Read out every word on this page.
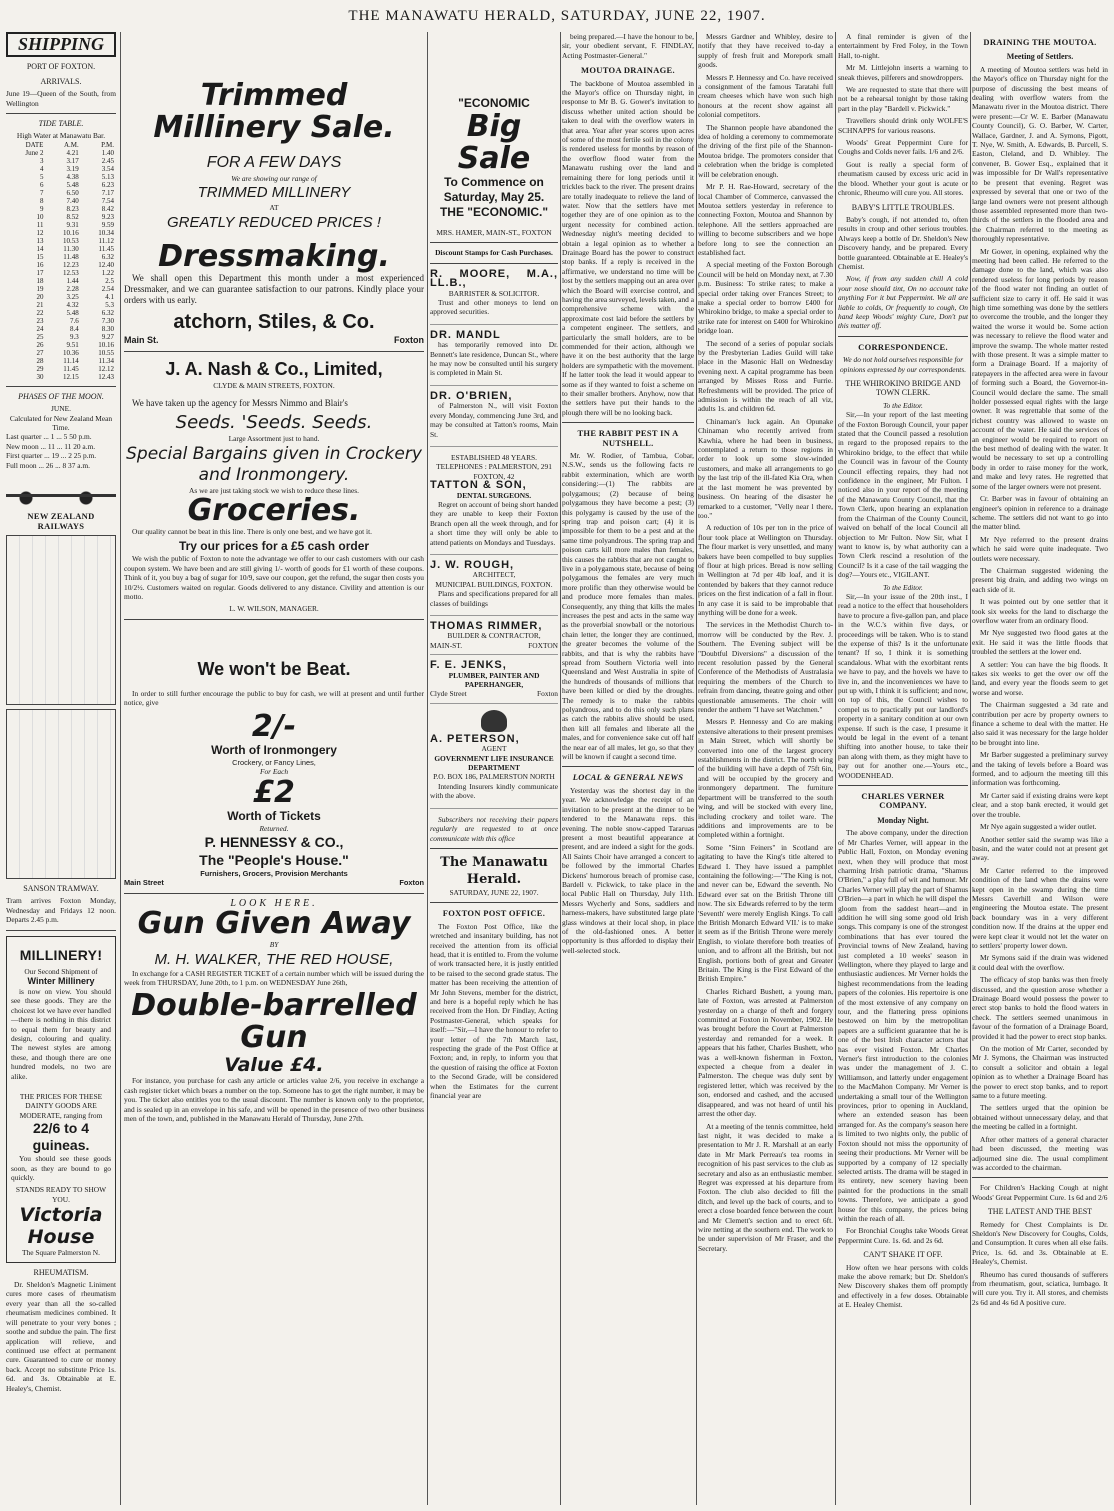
THE MANAWATU HERALD, SATURDAY, JUNE 22, 1907.
SHIPPING
PORT OF FOXTON.
ARRIVALS.
June 19—Queen of the South, from Wellington
TIDE TABLE.
High Water at Manawatu Bar.
DATE	A.M.	P.M.
June 2	4.21	1.40
3	3.17	2.45
4	3.19	3.54
5	4.38	5.13
6	5.48	6.23
7	6.50	7.17
8	7.40	7.54
9	8.23	8.42
10	8.52	9.23
11	9.31	9.59
12	10.16	10.34
13	10.53	11.12
14	11.30	11.45
15	11.48	6.32
16	12.23	12.40
17	12.53	1.22
18	1.44	2.5
19	2.28	2.54
20	3.25	4.1
21	4.32	5.3
22	5.48	6.32
23	7.6	7.30
24	8.4	8.30
25	9.3	9.27
26	9.51	10.16
27	10.36	10.55
28	11.14	11.34
29	11.45	12.12
30	12.15	12.43
PHASES OF THE MOON.
JUNE.
Calculated for New Zealand Mean Time.
Last quarter ... 1 ... 5 50 p.m.
New moon ... 11 ... 11 20 a.m.
First quarter ... 19 ... 2 25 p.m.
Full moon ... 26 ... 8 37 a.m.
NEW ZEALAND RAILWAYS
SANSON TRAMWAY.
Tram arrives Foxton Monday, Wednesday and Fridays 12 noon. Departs 2.45 p.m.
MILLINERY!
Our Second Shipment of
Winter Millinery

is now on view. You should see these goods. They are the choicest lot we have ever handled —there is nothing in this district to equal them for beauty and design, colouring and quality. The newest styles are among these, and though there are one hundred models, no two are alike.

THE PRICES FOR THESE DAINTY GOODS ARE MODERATE, ranging from
22/6 to 4 guineas.

You should see these goods soon, as they are bound to go quickly.

STANDS READY TO SHOW YOU.
Victoria House
The Square Palmerston N.
RHEUMATISM.

Dr. Sheldon's Magnetic Liniment cures more cases of rheumatism every year than all the so-called rheumatism medicines combined. It will penetrate to your very bones ; soothe and subdue the pain. The first application will relieve, and continued use effect at permanent cure. Guaranteed to cure or money back. Accept no substitute Price 1s. 6d. and 3s. Obtainable at E. Healey's, Chemist.

Trimmed Millinery Sale.
FOR A FEW DAYS
We are showing our range of
TRIMMED MILLINERY
AT
GREATLY REDUCED PRICES !
Dressmaking.

We shall open this Department this month under a most experienced Dressmaker, and we can guarantee satisfaction to our patrons. Kindly place your orders with us early.

atchorn, Stiles, & Co.
Main St.	Foxton
J. A. Nash & Co., Limited,
CLYDE & MAIN STREETS, FOXTON.

We have taken up the agency for Messrs Nimmo and Blair's

Seeds. 'Seeds. Seeds.
Large Assortment just to hand.
Special Bargains given in Crockery and Ironmongery.
As we are just taking stock we wish to reduce these lines.
Groceries.

Our quality cannot be beat in this line. There is only one best, and we have got it.

Try our prices for a £5 cash order

We wish the public of Foxton to note the advantage we offer to our cash customers with our cash coupon system. We have been and are still giving 1/- worth of goods for £1 worth of these coupons. Think of it, you buy a bag of sugar for 10/9, save our coupon, get the refund, the sugar then costs you 10/2½. Customers waited on regular. Goods delivered to any distance. Civility and attention is our motto.

L. W. WILSON, MANAGER.
We won't be Beat.

In order to still further encourage the public to buy for cash, we will at present and until further notice, give

2/-
Worth of Ironmongery
Crockery, or Fancy Lines,
For Each
£2
Worth of Tickets
Returned.
P. HENNESSY & CO.,
The "People's House."
Furnishers, Grocers, Provision Merchants
Main Street	Foxton
LOOK HERE.
Gun Given Away
BY
M. H. WALKER, THE RED HOUSE,

In exchange for a CASH REGISTER TICKET of a certain number which will be issued during the week from THURSDAY, June 20th, to 1 p.m. on WEDNESDAY June 26th,

Double-barrelled Gun
Value £4.

For instance, you purchase for cash any article or articles value 2/6, you receive in exchange a cash register ticket which bears a number on the top. Someone has to get the right number, it may be you. The ticket also entitles you to the usual discount. The number is known only to the proprietor, and is sealed up in an envelope in his safe, and will be opened in the presence of two other business men of the town, and, published in the Manawatu Herald of Thursday, June 27th.

"ECONOMIC
Big Sale
To Commence on
Saturday, May 25.
THE "ECONOMIC."
MRS. HAMER, MAIN-ST., FOXTON
Discount Stamps for Cash Purchases.
R. MOORE, M.A., LL.B.,
BARRISTER & SOLICITOR.

Trust and other moneys to lend on approved securities.

DR. MANDL

has temporarily removed into Dr. Bennett's late residence, Duncan St., where he may now be consulted until his surgery is completed in Main St.

DR. O'BRIEN,

of Palmerston N., will visit Foxton every Monday, commencing June 3rd, and may be consulted at Tatton's rooms, Main St.

ESTABLISHED 48 YEARS.
TELEPHONES : PALMERSTON, 291 FOXTON, 42
TATTON & SON,
DENTAL SURGEONS.

Regret on account of being short handed they are unable to keep their Foxton Branch open all the week through, and for a short time they will only be able to attend patients on Mondays and Tuesdays.

J. W. ROUGH,
ARCHITECT,
MUNICIPAL BUILDINGS, FOXTON.

Plans and specifications prepared for all classes of buildings

THOMAS RIMMER,
BUILDER & CONTRACTOR,
MAIN-ST.	FOXTON
F. E. JENKS,
PLUMBER, PAINTER AND PAPERHANGER,
Clyde Street	Foxton
A. PETERSON,
AGENT
GOVERNMENT LIFE INSURANCE DEPARTMENT
P.O. BOX 186, PALMERSTON NORTH

Intending Insurers kindly communicate with the above.

Subscribers not receiving their papers regularly are requested to at once communicate with this office

The Manawatu Herald.
SATURDAY, JUNE 22, 1907.
FOXTON POST OFFICE.

The Foxton Post Office, like the wretched and insanitary building, has not received the attention from its official head, that it is entitled to. From the volume of work transacted here, it is justly entitled to be raised to the second grade status. The matter has been receiving the attention of Mr John Stevens, member for the district, and here is a hopeful reply which he has received from the Hon. Dr Findlay, Acting Postmaster-General, which speaks for itself:—"Sir,—I have the honour to refer to your letter of the 7th March last, respecting the grade of the Post Office at Foxton; and, in reply, to inform you that the question of raising the office at Foxton to the Second Grade, will be considered when the Estimates for the current financial year are

being prepared.—I have the honour to be, sir, your obedient servant, F. FINDLAY, Acting Postmaster-General."

MOUTOA DRAINAGE.

The backbone of Moutoa assembled in the Mayor's office on Thursday night, in response to Mr B. G. Gower's invitation to discuss whether united action should be taken to deal with the overflow waters in that area. Year after year scores upon acres of some of the most fertile soil in the colony is rendered useless for months by reason of the overflow flood water from the Manawatu rushing over the land and remaining there for long periods until it trickles back to the river. The present drains are totally inadequate to relieve the land of water. Now that the settlers have met together they are of one opinion as to the urgent necessity for combined action. Wednesday night's meeting decided to obtain a legal opinion as to whether a Drainage Board has the power to construct stop banks. If a reply is received in the affirmative, we understand no time will be lost by the settlers mapping out an area over which the Board will exercise control, and having the area surveyed, levels taken, and a comprehensive scheme with the approximate cost laid before the settlers by a competent engineer. The settlers, and particularly the small holders, are to be commended for their action, although we have it on the best authority that the large holders are sympathetic with the movement. If he latter took the lead it would appear to some as if they wanted to foist a scheme on to their smaller brothers. Anyhow, now that the settlers have put their hands to the plough there will be no looking back.

THE RABBIT PEST IN A NUTSHELL.

Mr. W. Rodier, of Tambua, Cobar, N.S.W., sends us the following facts re rabbit extermination, which are worth considering:—(1) The rabbits are polygamous; (2) because of being polygamous they have become a pest; (3) this polygamy is caused by the use of the spring trap and poison cart; (4) it is impossible for them to be a pest and at the same time polyandrous. The spring trap and poison carts kill more males than females, this causes the rabbits that are not caught to live in a polygamous state, because of being polygamous the females are very much more prolific than they otherwise would be and produce more females than males. Consequently, any thing that kills the males increases the pest and acts in the same way as the proverbial snowball or the notorious chain letter, the longer they are continued, the greater becomes the volume of the rabbits, and that is why the rabbits have spread from Southern Victoria well into Queensland and West Australia in spite of the hundreds of thousands of millions that have been killed or died by the droughts. The remedy is to make the rabbits polyandrous, and to do this only such plans as catch the rabbits alive should be used, then kill all females and liberate all the males, and for convenience sake cut off half the near ear of all males, let go, so that they will be known if caught a second time.

LOCAL & GENERAL NEWS

Yesterday was the shortest day in the year. We acknowledge the receipt of an invitation to be present at the dinner to be tendered to the Manawatu reps. this evening. The noble snow-capped Tararuas present a most beautiful appearance at present, and are indeed a sight for the gods. All Saints Choir have arranged a concert to be followed by the immortal Charles Dickens' humorous breach of promise case, Bardell v. Pickwick, to take place in the local Public Hall on Thursday, July 11th. Messrs Wycherly and Sons, saddlers and harness-makers, have substituted large plate glass windows at their local shop, in place of the old-fashioned ones. A better opportunity is thus afforded to display their well-selected stock.

Messrs Gardner and Whibley, desire to notify that they have received to-day a supply of fresh fruit and Morepork small goods.

Messrs P. Hennessy and Co. have received a consignment of the famous Taratahi full cream cheeses which have won such high honours at the recent show against all colonial competitors.

The Shannon people have abandoned the idea of holding a ceremony to commemorate the driving of the first pile of the Shannon-Moutoa bridge. The promoters consider that a celebration when the bridge is completed will be celebration enough.

Mr P. H. Rae-Howard, secretary of the local Chamber of Commerce, canvassed the Moutoa settlers yesterday in reference to connecting Foxton, Moutoa and Shannon by telephone. All the settlers approached are willing to become subscribers and we hope before long to see the connection an established fact.

A special meeting of the Foxton Borough Council will be held on Monday next, at 7.30 p.m. Business: To strike rates; to make a special order taking over Frances Street; to make a special order to borrow £400 for Whirokino bridge, to make a special order to strike rate for interest on £400 for Whirokino bridge loan.

The second of a series of popular socials by the Presbyterian Ladies Guild will take place in the Masonic Hall on Wednesday evening next. A capital programme has been arranged by Misses Ross and Furrie. Refreshments will be provided. The price of admission is within the reach of all viz, adults 1s. and children 6d.

Chinaman's luck again. An Opunake Chinaman who recently arrived from Kawhia, where he had been in business, contemplated a return to those regions in order to look up some slow-winded customers, and make all arrangements to go by the last trip of the ill-fated Kia Ora, when at the last moment he was prevented by business. On hearing of the disaster he remarked to a customer, "Velly near l there, too."

A reduction of 10s per ton in the price of flour took place at Wellington on Thursday. The flour market is very unsettled, and many bakers have been compelled to buy supplies of flour at high prices. Bread is now selling in Wellington at 7d per 4lb loaf, and it is contended by bakers that they cannot reduce prices on the first indication of a fall in flour. In any case it is said to be improbable that anything will be done for a week.

The services in the Methodist Church to-morrow will be conducted by the Rev. J. Southern. The Evening subject will be "Doubtful Diversions" a discussion of the recent resolution passed by the General Conference of the Methodists of Australasia requiring the members of the Church to refrain from dancing, theatre going and other questionable amusements. The choir will render the anthem "I have set Watchmen."

Messrs P. Hennessy and Co are making extensive alterations to their present premises in Main Street, which will shortly be converted into one of the largest grocery establishments in the district. The north wing of the building will have a depth of 75ft 6in, and will be occupied by the grocery and ironmongery department. The furniture department will be transferred to the south wing, and will be stocked with every line, including crockery and toilet ware. The additions and improvements are to be completed within a fortnight.

Some "Sinn Feiners" in Scotland are agitating to have the King's title altered to Edward I. They have issued a pamphlet containing the following:—"The King is not, and never can be, Edward the seventh. No Edward ever sat on the British Throne till now. The six Edwards referred to by the term 'Seventh' were merely English Kings. To call the British Monarch Edward VII.' is to make it seem as if the British Throne were merely English, to violate therefore both treaties of union, and to affront all the British, but not English, portions both of great and Greater Britain. The King is the First Edward of the British Empire."

Charles Richard Bushett, a young man, late of Foxton, was arrested at Palmerston yesterday on a charge of theft and forgery committed at Foxton in November, 1902. He was brought before the Court at Palmerston yesterday and remanded for a week. It appears that his father, Charles Bushett, who was a well-known fisherman in Foxton, expected a cheque from a dealer in Palmerston. The cheque was duly sent by registered letter, which was received by the son, endorsed and cashed, and the accused disappeared, and was not heard of until his arrest the other day.

At a meeting of the tennis committee, held last night, it was decided to make a presentation to Mr J. R. Marshall at an early date in Mr Mark Perreau's tea rooms in recognition of his past services to the club as secretary and also as an enthusiastic member. Regret was expressed at his departure from Foxton. The club also decided to fill the ditch, and level up the back of courts, and to erect a close boarded fence between the court and Mr Clemett's section and to erect 6ft. wire netting at the southern end. The work to be under supervision of Mr Fraser, and the Secretary.

A final reminder is given of the entertainment by Fred Foley, in the Town Hall, to-night.

Mr M. Littlejohn inserts a warning to sneak thieves, pilferers and snowdroppers.

We are requested to state that there will not be a rehearsal tonight by those taking part in the play "Bardell v. Pickwick."

Travellers should drink only WOLFE'S SCHNAPPS for various reasons.

Woods' Great Peppermint Cure for Coughs and Colds never fails. 1/6 and 2/6.

Gout is really a special form of rheumatism caused by excess uric acid in the blood. Whether your gout is acute or chronic, Rheumo will cure you. All stores.

BABY'S LITTLE TROUBLES.

Baby's cough, if not attended to, often results in croup and other serious troubles. Always keep a bottle of Dr. Sheldon's New Discovery handy, and be prepared. Every bottle guaranteed. Obtainable at E. Healey's Chemist.

Now, if from any sudden chill A cold your nose should tint, On no account take anything For it but Peppermint. We all are liable to colds, Or frequently to cough, On hand keep Woods' mighty Cure, Don't put this matter off.

CORRESPONDENCE.
We do not hold ourselves responsible for opinions expressed by our correspondents.
THE WHIROKINO BRIDGE AND TOWN CLERK.
To the Editor.

Sir,—In your report of the last meeting of the Foxton Borough Council, your paper stated that the Council passed a resolution in regard to the proposed repairs to the Whirokino bridge, to the effect that while the Council was in favour of the County Council effecting repairs, they had not confidence in the engineer, Mr Fulton. I noticed also in your report of the meeting of the Manawatu County Council, that the Town Clerk, upon hearing an explanation from the Chairman of the County Council, waived on behalf of the local Council all objection to Mr Fulton. Now Sir, what I want to know is, by what authority can a Town Clerk rescind a resolution of the Council? Is it a case of the tail wagging the dog?—Yours etc., VIGILANT.

To the Editor.

Sir,—In your issue of the 20th inst., I read a notice to the effect that householders have to procure a five-gallon pan, and place in the W.C.'s within five days, or proceedings will be taken. Who is to stand the expense of this? Is it the unfortunate tenant? If so, I think it is something scandalous. What with the exorbitant rents we have to pay, and the hovels we have to live in, and the inconveniences we have to put up with, I think it is sufficient; and now, on top of this, the Council wishes to compel us to practically put our landlord's property in a sanitary condition at our own expense. If such is the case, I presume it would be legal in the event of a tenant shifting into another house, to take their pan along with them, as they might have to pay out for another one.—Yours etc., WOODENHEAD.

CHARLES VERNER COMPANY.
Monday Night.

The above company, under the direction of Mr Charles Verner, will appear in the Public Hall, Foxton, on Monday evening next, when they will produce that most charming Irish patriotic drama, "Shamus O'Brien," a play full of wit and humour. Mr Charles Verner will play the part of Shamus O'Brien—a part in which he will dispel the gloom from the saddest heart—and in addition he will sing some good old Irish songs. This company is one of the strongest combinations that has ever toured the Provincial towns of New Zealand, having just completed a 10 weeks' season in Wellington, where they played to large and enthusiastic audiences. Mr Verner holds the highest recommendations from the leading papers of the colonies. His repertoire is one of the most extensive of any company on tour, and the flattering press opinions bestowed on him by the metropolitan papers are a sufficient guarantee that he is one of the best Irish character actors that has ever visited Foxton. Mr Charles Verner's first introduction to the colonies was under the management of J. C. Williamson, and latterly under engagement to the MacMahon Company. Mr Verner is undertaking a small tour of the Wellington provinces, prior to opening in Auckland, where an extended season has been arranged for. As the company's season here is limited to two nights only, the public of Foxton should not miss the opportunity of seeing their productions. Mr Verner will be supported by a company of 12 specially selected artists. The drama will be staged in its entirety, new scenery having been painted for the productions in the small towns. Therefore, we anticipate a good house for this company, the prices being within the reach of all.

For Bronchial Coughs take Woods Great Peppermint Cure. 1s. 6d. and 2s 6d.

CAN'T SHAKE IT OFF.

How often we hear persons with colds make the above remark; but Dr. Sheldon's New Discovery shakes them off promptly and effectively in a few doses. Obtainable at E. Healey Chemist.

DRAINING THE MOUTOA.
Meeting of Settlers.

A meeting of Moutoa settlers was held in the Mayor's office on Thursday night for the purpose of discussing the best means of dealing with overflow waters from the Manawatu river in the Moutoa district. There were present:—Cr W. E. Barber (Manawatu County Council), G. O. Barber, W. Carter, Wallace, Gardner, J. and A. Symons, Pigott, T. Nye, W. Smith, A. Edwards, B. Purcell, S. Easton, Cleland, and D. Whibley. The convener, B. Gower Esq., explained that it was impossible for Dr Wall's representative to be present that evening. Regret was expressed by several that one or two of the large land owners were not present although those assembled represented more than two-thirds of the settlers in the flooded area and the Chairman referred to the meeting as thoroughly representative.

Mr Gower, in opening, explained why the meeting had been called. He referred to the damage done to the land, which was also rendered useless for long periods by reason of the flood water not finding an outlet of sufficient size to carry it off. He said it was high time something was done by the settlers to overcome the trouble, and the longer they waited the worse it would be. Some action was necessary to relieve the flood water and improve the swamp. The whole matter rested with those present. It was a simple matter to form a Drainage Board. If a majority of ratepayers in the affected area were in favour of forming such a Board, the Governor-in-Council would declare the same. The small holder possessed equal rights with the large owner. It was regrettable that some of the richest country was allowed to waste on account of the water. He said the services of an engineer would be required to report on the best method of dealing with the water. It would be necessary to set up a controlling body in order to raise money for the work, and make and levy rates. He regretted that some of the larger owners were not present.

Cr. Barber was in favour of obtaining an engineer's opinion in reference to a drainage scheme. The settlers did not want to go into the matter blind.

Mr Nye referred to the present drains which he said were quite inadequate. Two outlets were necessary.

The Chairman suggested widening the present big drain, and adding two wings on each side of it.

It was pointed out by one settler that it took six weeks for the land to discharge the overflow water from an ordinary flood.

Mr Nye suggested two flood gates at the exit. He said it was the little floods that troubled the settlers at the lower end.

A settler: You can have the big floods. It takes six weeks to get the over ow off the land, and every year the floods seem to get worse and worse.

The Chairman suggested a 3d rate and contribution per acre by property owners to finance a scheme to deal with the matter. He also said it was necessary for the large holder to be brought into line.

Mr Barber suggested a preliminary survey and the taking of levels before a Board was formed, and to adjourn the meeting till this information was forthcoming.

Mr Carter said if existing drains were kept clear, and a stop bank erected, it would get over the trouble.

Mr Nye again suggested a wider outlet.

Another settler said the swamp was like a basin, and the water could not at present get away.

Mr Carter referred to the improved condition of the land when the drains were kept open in the swamp during the time Messrs Caverhill and Wilson were engineering the Moutoa estate. The present back boundary was in a very different condition now. If the drains at the upper end were kept clear it would not let the water on to settlers' property lower down.

Mr Symons said if the drain was widened it could deal with the overflow.

The efficacy of stop banks was then freely discussed, and the question arose whether a Drainage Board would possess the power to erect stop banks to hold the flood waters in check. The settlers seemed unanimous in favour of the formation of a Drainage Board, provided it had the power to erect stop banks.

On the motion of Mr Carter, seconded by Mr J. Symons, the Chairman was instructed to consult a solicitor and obtain a legal opinion as to whether a Drainage Board has the power to erect stop banks, and to report same to a future meeting.

The settlers urged that the opinion be obtained without unnecessary delay, and that the meeting be called in a fortnight.

After other matters of a general character had been discussed, the meeting was adjourned sine die. The usual compliment was accorded to the chairman.

For Children's Hacking Cough at night Woods' Great Peppermint Cure. 1s 6d and 2/6

THE LATEST AND THE BEST

Remedy for Chest Complaints is Dr. Sheldon's New Discovery for Coughs, Colds, and Consumption. It cures when all else fails. Price, 1s. 6d. and 3s. Obtainable at E. Healey's, Chemist.

Rheumo has cured thousands of sufferers from rheumatism, gout, sciatica, lumbago. It will cure you. Try it. All stores, and chemists 2s 6d and 4s 6d A positive cure.
